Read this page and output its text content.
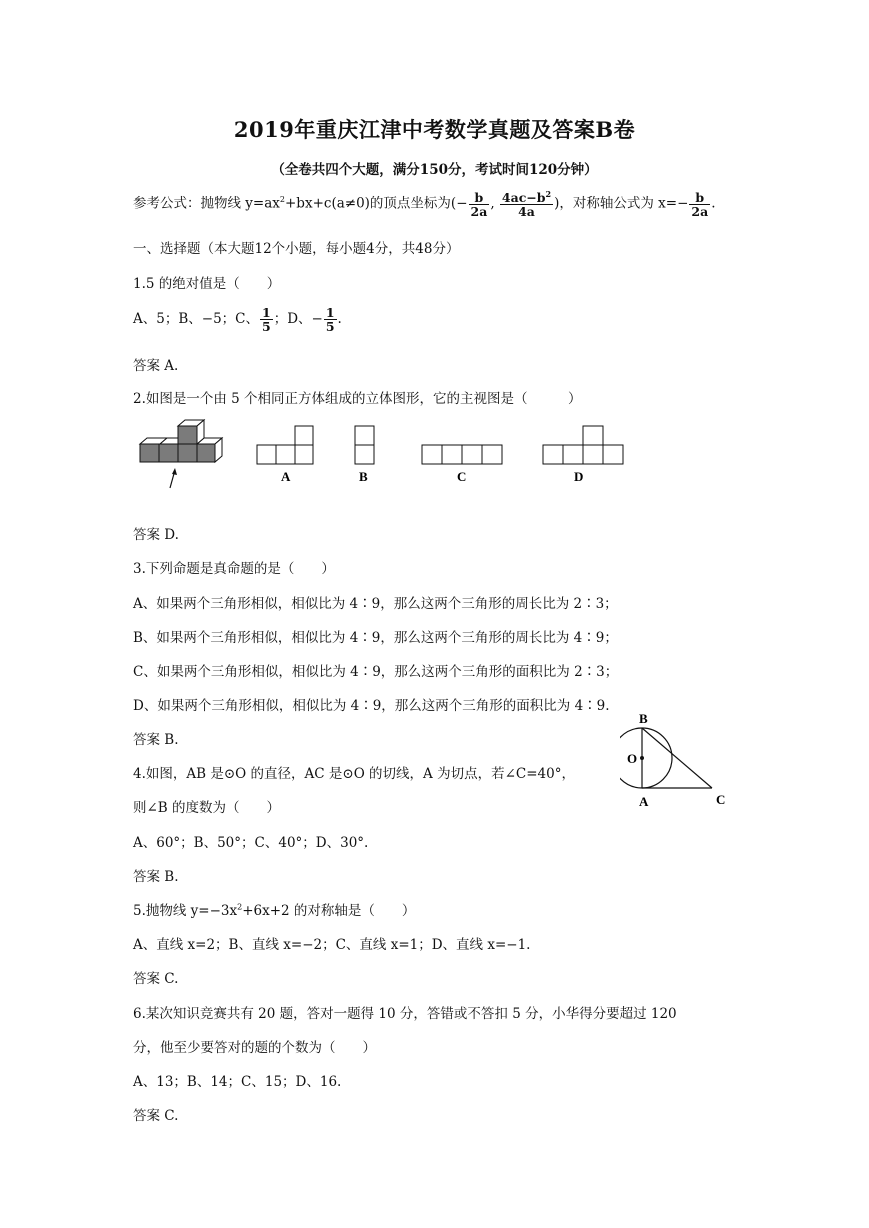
2019年重庆江津中考数学真题及答案B卷
（全卷共四个大题，满分150分，考试时间120分钟）
参考公式：抛物线 $y=ax^2+bx+c(a\ne 0)$的顶点坐标为(− $\frac{b}{2a}$ , $\frac{4ac-b^2}{4a}$ )，对称轴公式为 $x=- \frac{b}{2a}$ .
一、选择题（本大题12个小题，每小题4分，共48分）
1.5 的绝对值是（　　）
A、5；B、−5；C、 $\frac{1}{5}$ ；D、− $\frac{1}{5}$ .
答案 A.
2.如图是一个由 5 个相同正方体组成的立体图形，它的主视图是（　　　）
A	B	C	D
答案 D.
3.下列命题是真命题的是（　　）
A、如果两个三角形相似，相似比为 4∶9，那么这两个三角形的周长比为 2∶3；
B、如果两个三角形相似，相似比为 4∶9，那么这两个三角形的周长比为 4∶9；
C、如果两个三角形相似，相似比为 4∶9，那么这两个三角形的面积比为 2∶3；
D、如果两个三角形相似，相似比为 4∶9，那么这两个三角形的面积比为 4∶9.
答案 B.
4.如图，AB 是⊙O 的直径，AC 是⊙O 的切线，A 为切点，若∠C=40°，
则∠B 的度数为（　　）
A、60°；B、50°；C、40°；D、30°.
答案 B.
B
O
A	C
5.抛物线 $y=-3x^2+6x+2$ 的对称轴是（　　）
A、直线 x=2；B、直线 x=−2；C、直线 x=1；D、直线 x=−1.
答案 C.
6.某次知识竞赛共有 20 题，答对一题得 10 分，答错或不答扣 5 分，小华得分要超过 120
分，他至少要答对的题的个数为（　　）
A、13；B、14；C、15；D、16.
答案 C.
